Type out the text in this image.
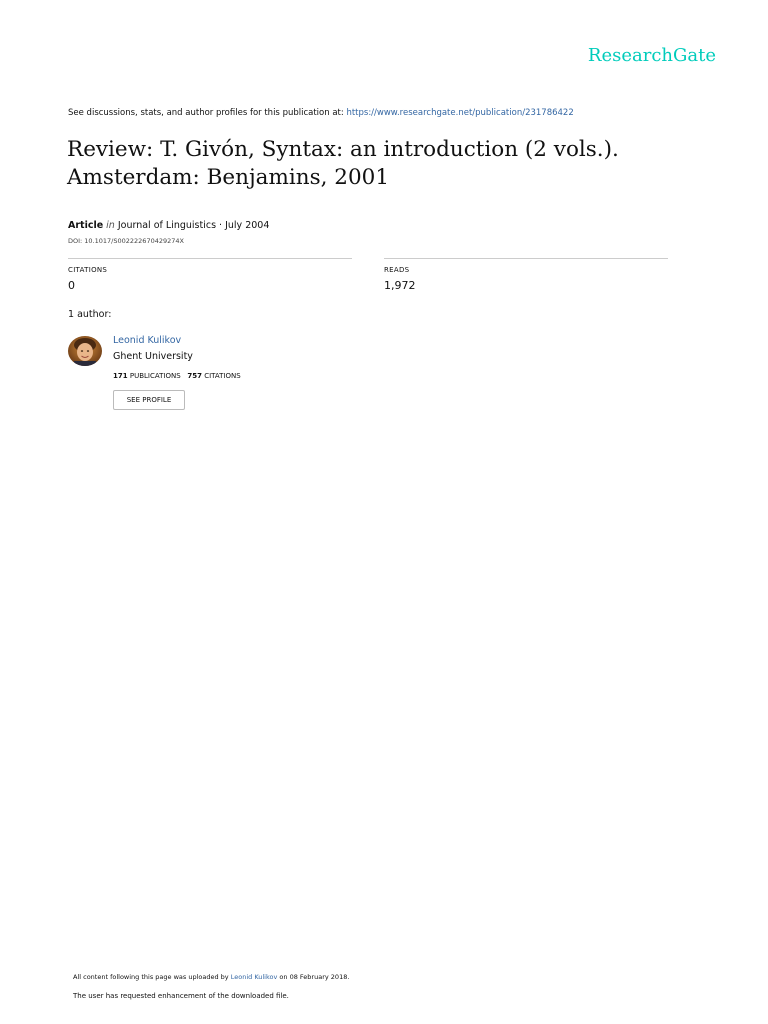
ResearchGate
See discussions, stats, and author profiles for this publication at: https://www.researchgate.net/publication/231786422
Review: T. Givón, Syntax: an introduction (2 vols.).
Amsterdam: Benjamins, 2001
Article in Journal of Linguistics · July 2004
DOI: 10.1017/S002222670429274X
CITATIONS
0
READS
1,972
1 author:
Leonid Kulikov
Ghent University
171 PUBLICATIONS 757 CITATIONS
SEE PROFILE
All content following this page was uploaded by Leonid Kulikov on 08 February 2018.
The user has requested enhancement of the downloaded file.
